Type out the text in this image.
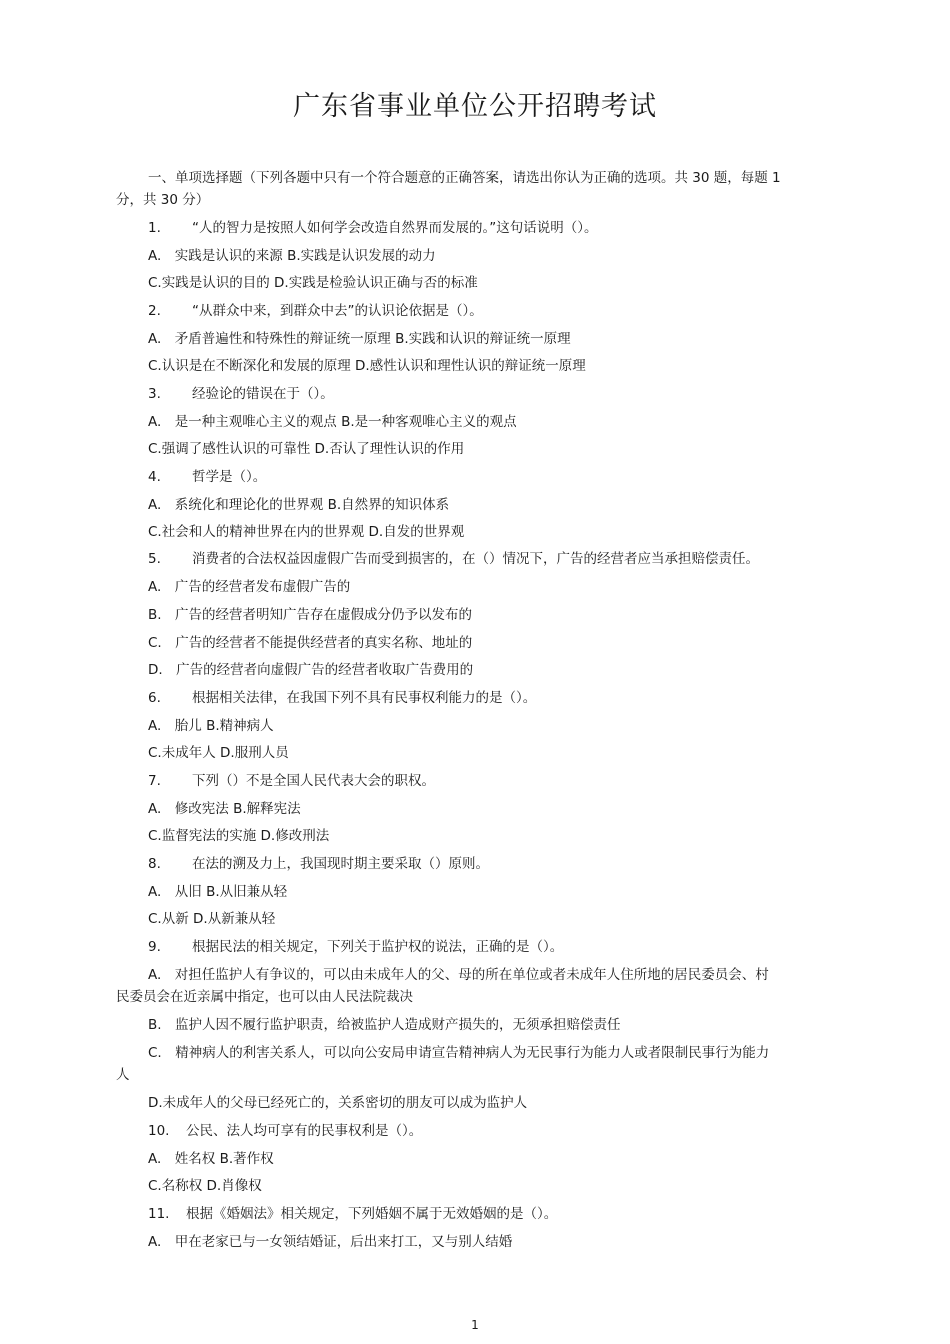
广东省事业单位公开招聘考试
一、单项选择题（下列各题中只有一个符合题意的正确答案，请选出你认为正确的选项。共 30 题，每题 1
分，共 30 分）
1. “人的智力是按照人如何学会改造自然界而发展的。”这句话说明（）。
A.　实践是认识的来源 B.实践是认识发展的动力
C.实践是认识的目的 D.实践是检验认识正确与否的标准
2. “从群众中来，到群众中去”的认识论依据是（）。
A.　矛盾普遍性和特殊性的辩证统一原理 B.实践和认识的辩证统一原理
C.认识是在不断深化和发展的原理 D.感性认识和理性认识的辩证统一原理
3. 经验论的错误在于（）。
A.　是一种主观唯心主义的观点 B.是一种客观唯心主义的观点
C.强调了感性认识的可靠性 D.否认了理性认识的作用
4. 哲学是（）。
A.　系统化和理论化的世界观 B.自然界的知识体系
C.社会和人的精神世界在内的世界观 D.自发的世界观
5. 消费者的合法权益因虚假广告而受到损害的，在（）情况下，广告的经营者应当承担赔偿责任。
A.　广告的经营者发布虚假广告的
B.　广告的经营者明知广告存在虚假成分仍予以发布的
C.　广告的经营者不能提供经营者的真实名称、地址的
D.　广告的经营者向虚假广告的经营者收取广告费用的
6. 根据相关法律，在我国下列不具有民事权利能力的是（）。
A.　胎儿 B.精神病人
C.未成年人 D.服刑人员
7. 下列（）不是全国人民代表大会的职权。
A.　修改宪法 B.解释宪法
C.监督宪法的实施 D.修改刑法
8. 在法的溯及力上，我国现时期主要采取（）原则。
A.　从旧 B.从旧兼从轻
C.从新 D.从新兼从轻
9. 根据民法的相关规定，下列关于监护权的说法，正确的是（）。
A.　对担任监护人有争议的，可以由未成年人的父、母的所在单位或者未成年人住所地的居民委员会、村
民委员会在近亲属中指定，也可以由人民法院裁决
B.　监护人因不履行监护职责，给被监护人造成财产损失的，无须承担赔偿责任
C.　精神病人的利害关系人，可以向公安局申请宣告精神病人为无民事行为能力人或者限制民事行为能力
人
D.未成年人的父母已经死亡的，关系密切的朋友可以成为监护人
10. 公民、法人均可享有的民事权利是（）。
A.　姓名权 B.著作权
C.名称权 D.肖像权
11. 根据《婚姻法》相关规定，下列婚姻不属于无效婚姻的是（）。
A.　甲在老家已与一女领结婚证，后出来打工，又与别人结婚
1
